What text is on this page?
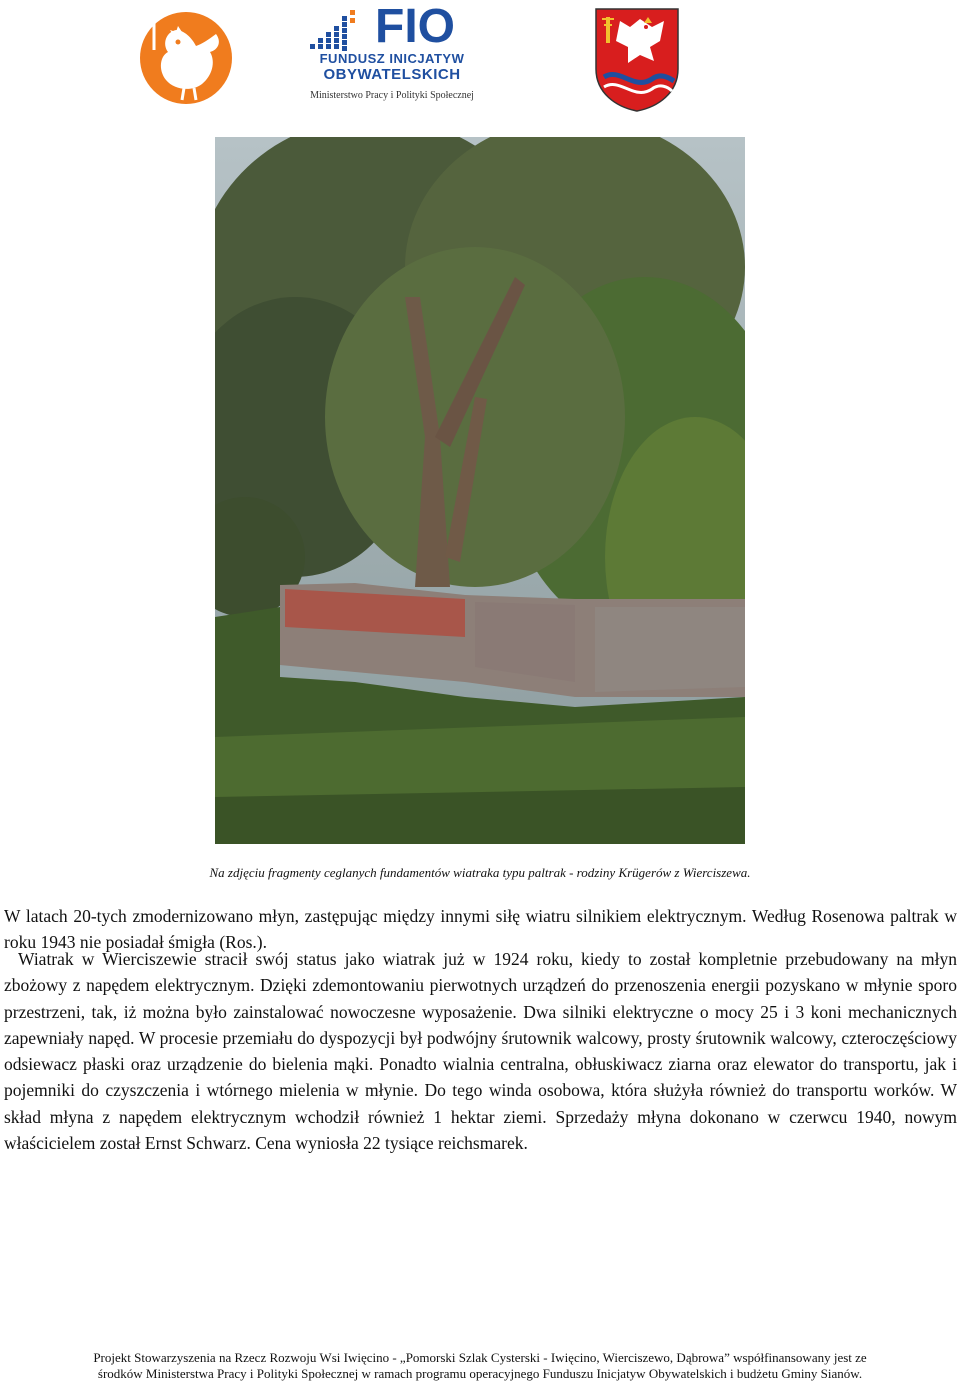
FIO
FUNDUSZ INICJATYW
OBYWATELSKICH
Ministerstwo Pracy i Polityki Społecznej
Na zdjęciu fragmenty ceglanych fundamentów wiatraka typu paltrak - rodziny Krügerów z Wierciszewa.
W latach 20-tych zmodernizowano młyn, zastępując między innymi siłę wiatru silnikiem elektrycznym. Według Rosenowa paltrak w roku 1943 nie posiadał śmigła (Ros.).
Wiatrak w Wierciszewie stracił swój status jako wiatrak już w 1924 roku, kiedy to został kompletnie przebudowany na młyn zbożowy z napędem elektrycznym. Dzięki zdemontowaniu pierwotnych urządzeń do przenoszenia energii pozyskano w młynie sporo przestrzeni, tak, iż można było zainstalować nowoczesne wyposażenie. Dwa silniki elektryczne o mocy 25 i 3 koni mechanicznych zapewniały napęd. W procesie przemiału do dyspozycji był podwójny śrutownik walcowy, prosty śrutownik walcowy, czteroczęściowy odsiewacz płaski oraz urządzenie do bielenia mąki. Ponadto wialnia centralna, obłuskiwacz ziarna oraz elewator do transportu, jak i pojemniki do czyszczenia i wtórnego mielenia w młynie. Do tego winda osobowa, która służyła również do transportu worków. W skład młyna z napędem elektrycznym wchodził również 1 hektar ziemi. Sprzedaży młyna dokonano w czerwcu 1940, nowym właścicielem został Ernst Schwarz. Cena wyniosła 22 tysiące reichsmarek.
Projekt Stowarzyszenia na Rzecz Rozwoju Wsi Iwięcino - „Pomorski Szlak Cysterski - Iwięcino, Wierciszewo, Dąbrowa” współfinansowany jest ze
środków Ministerstwa Pracy i Polityki Społecznej w ramach programu operacyjnego Funduszu Inicjatyw Obywatelskich i budżetu Gminy Sianów.
